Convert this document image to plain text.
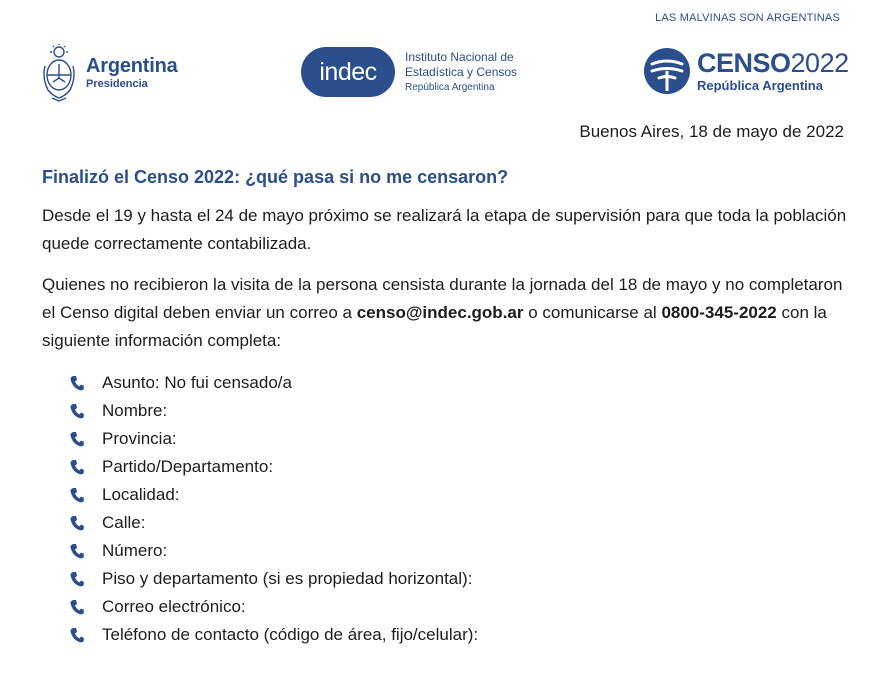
LAS MALVINAS SON ARGENTINAS
Argentina
Presidencia	indec
Instituto Nacional de
Estadística y Censos
República Argentina
CENSO2022
República Argentina
Buenos Aires, 18 de mayo de 2022
Finalizó el Censo 2022: ¿qué pasa si no me censaron?

Desde el 19 y hasta el 24 de mayo próximo se realizará la etapa de supervisión para que toda la población quede correctamente contabilizada.

Quienes no recibieron la visita de la persona censista durante la jornada del 18 de mayo y no completaron el Censo digital deben enviar un correo a censo@indec.gob.ar o comunicarse al 0800-345-2022 con la siguiente información completa:

Asunto: No fui censado/a
Nombre:
Provincia:
Partido/Departamento:
Localidad:
Calle:
Número:
Piso y departamento (si es propiedad horizontal):
Correo electrónico:
Teléfono de contacto (código de área, fijo/celular):
